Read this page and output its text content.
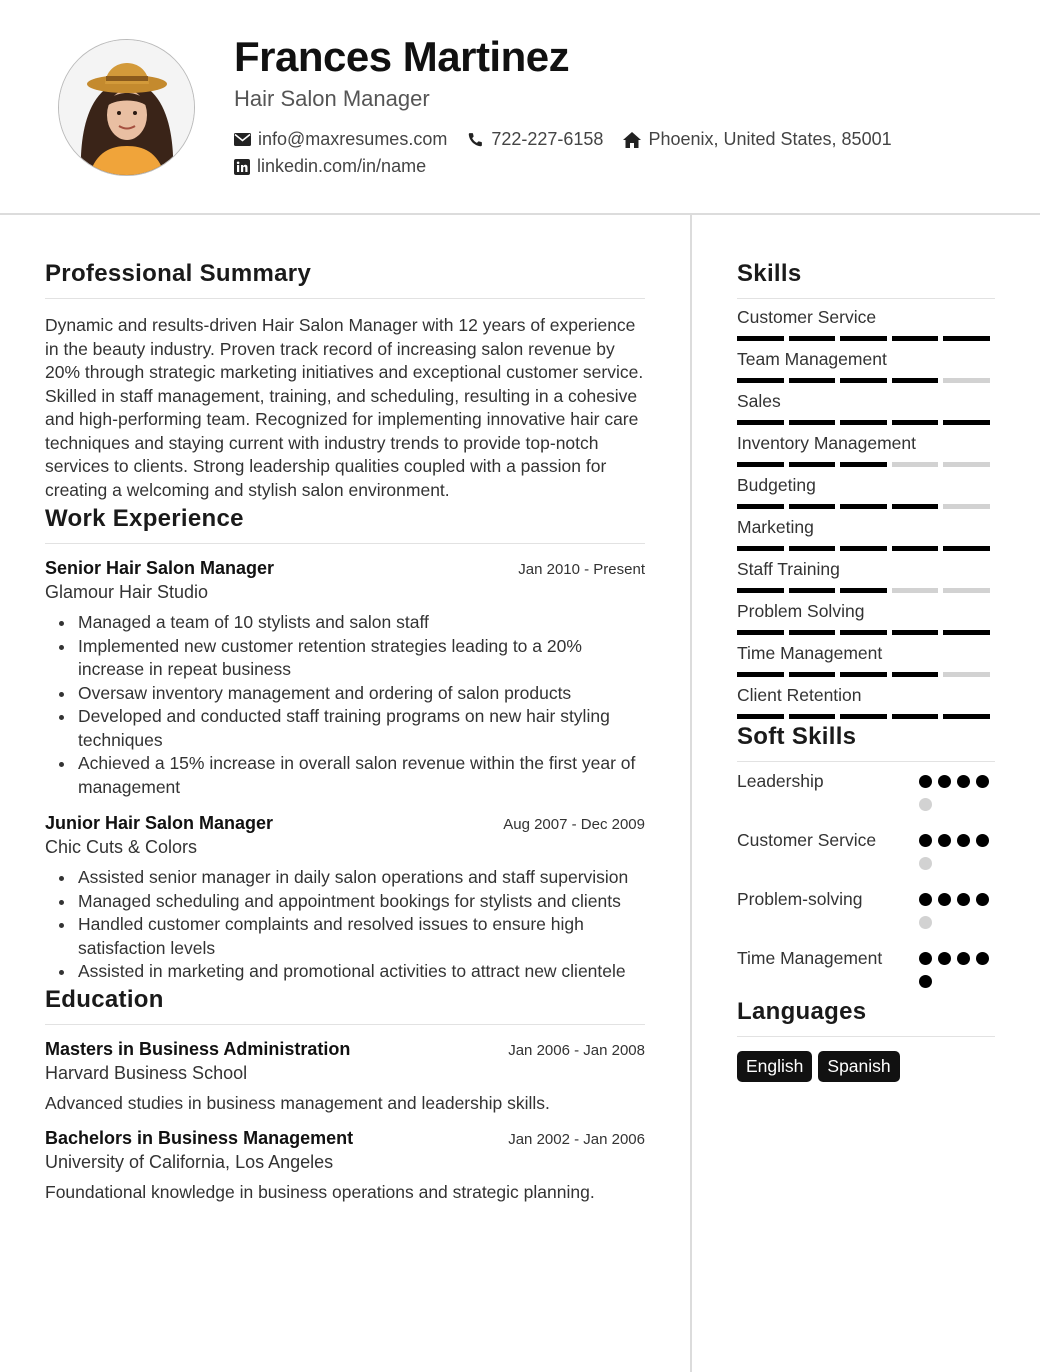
Frances Martinez
Hair Salon Manager
info@maxresumes.com 722-227-6158	Phoenix, United States, 85001
linkedin.com/in/name
Professional Summary
Dynamic and results-driven Hair Salon Manager with 12 years of experience in the beauty industry. Proven track record of increasing salon revenue by 20% through strategic marketing initiatives and exceptional customer service. Skilled in staff management, training, and scheduling, resulting in a cohesive and high-performing team. Recognized for implementing innovative hair care techniques and staying current with industry trends to provide top-notch services to clients. Strong leadership qualities coupled with a passion for creating a welcoming and stylish salon environment.
Work Experience
Senior Hair Salon Manager	Jan 2010 - Present
Glamour Hair Studio
Managed a team of 10 stylists and salon staff
Implemented new customer retention strategies leading to a 20% increase in repeat business
Oversaw inventory management and ordering of salon products
Developed and conducted staff training programs on new hair styling techniques
Achieved a 15% increase in overall salon revenue within the first year of management
Junior Hair Salon Manager	Aug 2007 - Dec 2009
Chic Cuts & Colors
Assisted senior manager in daily salon operations and staff supervision
Managed scheduling and appointment bookings for stylists and clients
Handled customer complaints and resolved issues to ensure high satisfaction levels
Assisted in marketing and promotional activities to attract new clientele
Education
Masters in Business Administration	Jan 2006 - Jan 2008
Harvard Business School
Advanced studies in business management and leadership skills.
Bachelors in Business Management	Jan 2002 - Jan 2006
University of California, Los Angeles
Foundational knowledge in business operations and strategic planning.
Skills
Customer Service
Team Management
Sales
Inventory Management
Budgeting
Marketing
Staff Training
Problem Solving
Time Management
Client Retention
Soft Skills
Leadership
Customer Service
Problem-solving
Time Management
Languages
English	Spanish
